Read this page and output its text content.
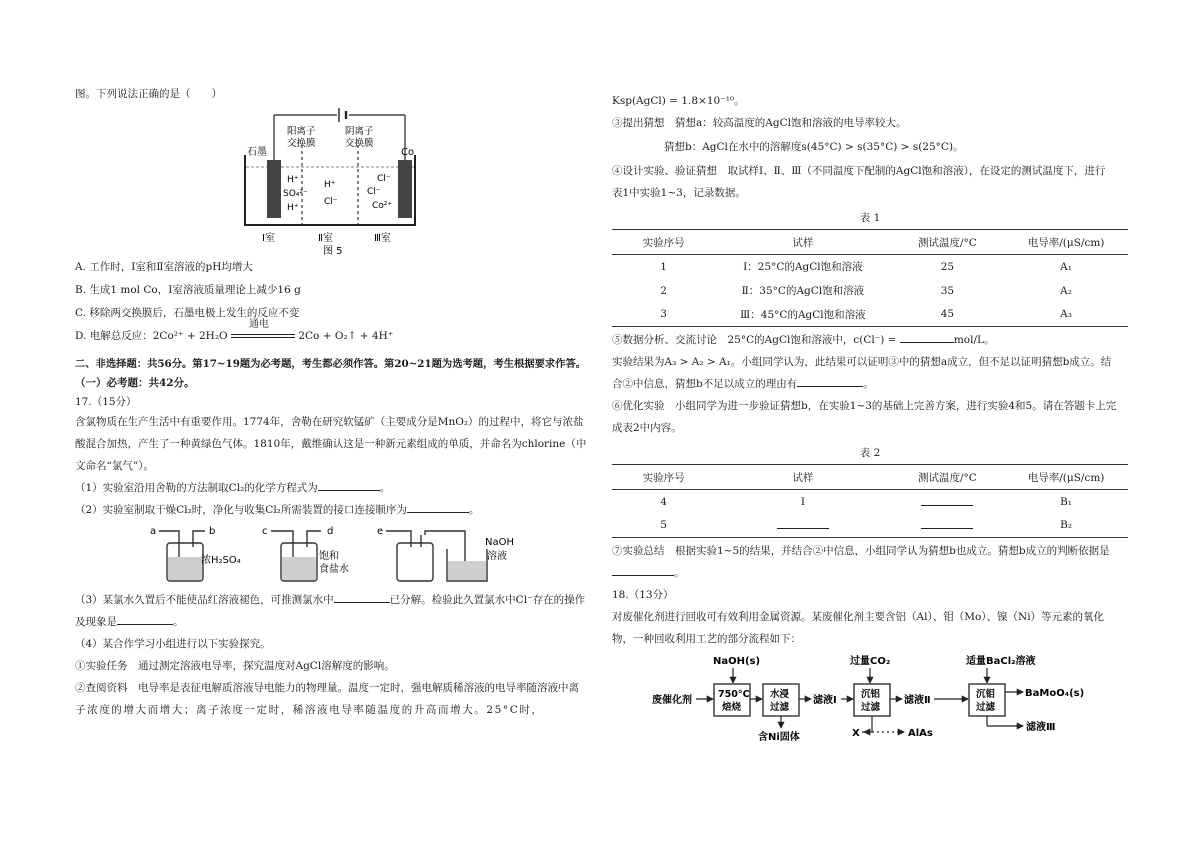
图。下列说法正确的是（　　）
石墨	Co
阳离子
交换膜
阴离子
交换膜
H⁺
SO₄²⁻
H⁺
H⁺
Cl⁻
Cl⁻
Cl⁻
Co²⁺
Ⅰ室	Ⅱ室	Ⅲ室
图 5
A. 工作时，Ⅰ室和Ⅱ室溶液的pH均增大
B. 生成1 mol Co，Ⅰ室溶液质量理论上减少16 g
C. 移除两交换膜后，石墨电极上发生的反应不变
D. 电解总反应：2Co²⁺ + 2H₂O
通电
2Co + O₂↑ + 4H⁺
二、非选择题：共56分。第17~19题为必考题，考生都必须作答。第20~21题为选考题，考生根据要求作答。
（一）必考题：共42分。
17.（15分）

含氯物质在生产生活中有重要作用。1774年，舍勒在研究软锰矿（主要成分是MnO₂）的过程中，将它与浓盐

酸混合加热，产生了一种黄绿色气体。1810年，戴维确认这是一种新元素组成的单质，并命名为chlorine（中

文命名“氯气”）。

（1）实验室沿用舍勒的方法制取Cl₂的化学方程式为	。

（2）实验室制取干燥Cl₂时，净化与收集Cl₂所需装置的接口连接顺序为	。

a	b
浓H₂SO₄
c	d
饱和
食盐水
e
NaOH
溶液

（3）某氯水久置后不能使品红溶液褪色，可推测氯水中	已分解。检验此久置氯水中Cl⁻存在的操作

及现象是	。

（4）某合作学习小组进行以下实验探究。

①实验任务　通过测定溶液电导率，探究温度对AgCl溶解度的影响。

②查阅资料　电导率是表征电解质溶液导电能力的物理量。温度一定时，强电解质稀溶液的电导率随溶液中离

子浓度的增大而增大；离子浓度一定时，稀溶液电导率随温度的升高而增大。25°C时，

Ksp(AgCl) = 1.8×10⁻¹⁰。

③提出猜想　猜想a：较高温度的AgCl饱和溶液的电导率较大。

猜想b：AgCl在水中的溶解度s(45°C) > s(35°C) > s(25°C)。

④设计实验、验证猜想　取试样Ⅰ、Ⅱ、Ⅲ（不同温度下配制的AgCl饱和溶液），在设定的测试温度下，进行

表1中实验1~3，记录数据。

表 1
实验序号	试样	测试温度/°C	电导率/(μS/cm)
1	Ⅰ：25°C的AgCl饱和溶液	25	A₁
2	Ⅱ：35°C的AgCl饱和溶液	35	A₂
3	Ⅲ：45°C的AgCl饱和溶液	45	A₃

⑤数据分析、交流讨论　25°C的AgCl饱和溶液中，c(Cl⁻) =	mol/L。

实验结果为A₃ > A₂ > A₁。小组同学认为，此结果可以证明③中的猜想a成立，但不足以证明猜想b成立。结

合②中信息，猜想b不足以成立的理由有	。

⑥优化实验　小组同学为进一步验证猜想b，在实验1~3的基础上完善方案，进行实验4和5。请在答题卡上完

成表2中内容。

表 2
实验序号	试样	测试温度/°C	电导率/(μS/cm)
4	Ⅰ		B₁
5			B₂

⑦实验总结　根据实验1~5的结果，并结合②中信息，小组同学认为猜想b也成立。猜想b成立的判断依据是

。

18.（13分）

对废催化剂进行回收可有效利用金属资源。某废催化剂主要含铝（Al）、钼（Mo）、镍（Ni）等元素的氧化

物，一种回收利用工艺的部分流程如下：

NaOH(s)	过量CO₂	适量BaCl₂溶液
废催化剂
750°C
焙烧
水浸
过滤
滤液Ⅰ
含Ni固体
沉铝
过滤
滤液Ⅱ
X	AlAs
沉钼
过滤
BaMoO₄(s)
滤液Ⅲ
